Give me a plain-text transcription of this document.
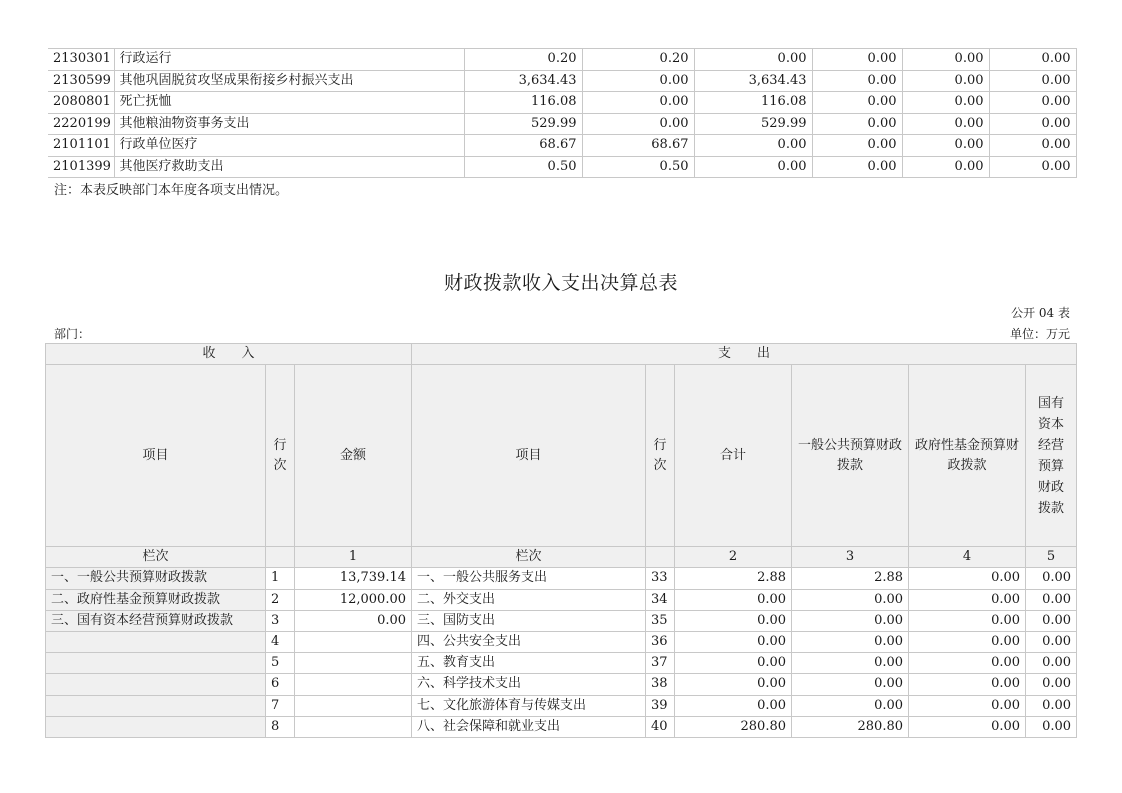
2130301	行政运行	0.20	0.20	0.00	0.00	0.00	0.00
2130599	其他巩固脱贫攻坚成果衔接乡村振兴支出	3,634.43	0.00	3,634.43	0.00	0.00	0.00
2080801	死亡抚恤	116.08	0.00	116.08	0.00	0.00	0.00
2220199	其他粮油物资事务支出	529.99	0.00	529.99	0.00	0.00	0.00
2101101	行政单位医疗	68.67	68.67	0.00	0.00	0.00	0.00
2101399	其他医疗救助支出	0.50	0.50	0.00	0.00	0.00	0.00
注：本表反映部门本年度各项支出情况。
财政拨款收入支出决算总表
公开 04 表
部门：	单位：万元
收　　入			支　　出					
项目	行次	金额	项目	行次	合计	一般公共预算财政拨款	政府性基金预算财政拨款	国有资本经营预算财政拨款
栏次		1	栏次		2	3	4	5
一、一般公共预算财政拨款	1	13,739.14	一、一般公共服务支出	33	2.88	2.88	0.00	0.00
二、政府性基金预算财政拨款	2	12,000.00	二、外交支出	34	0.00	0.00	0.00	0.00
三、国有资本经营预算财政拨款	3	0.00	三、国防支出	35	0.00	0.00	0.00	0.00
	4		四、公共安全支出	36	0.00	0.00	0.00	0.00
	5		五、教育支出	37	0.00	0.00	0.00	0.00
	6		六、科学技术支出	38	0.00	0.00	0.00	0.00
	7		七、文化旅游体育与传媒支出	39	0.00	0.00	0.00	0.00
	8		八、社会保障和就业支出	40	280.80	280.80	0.00	0.00
